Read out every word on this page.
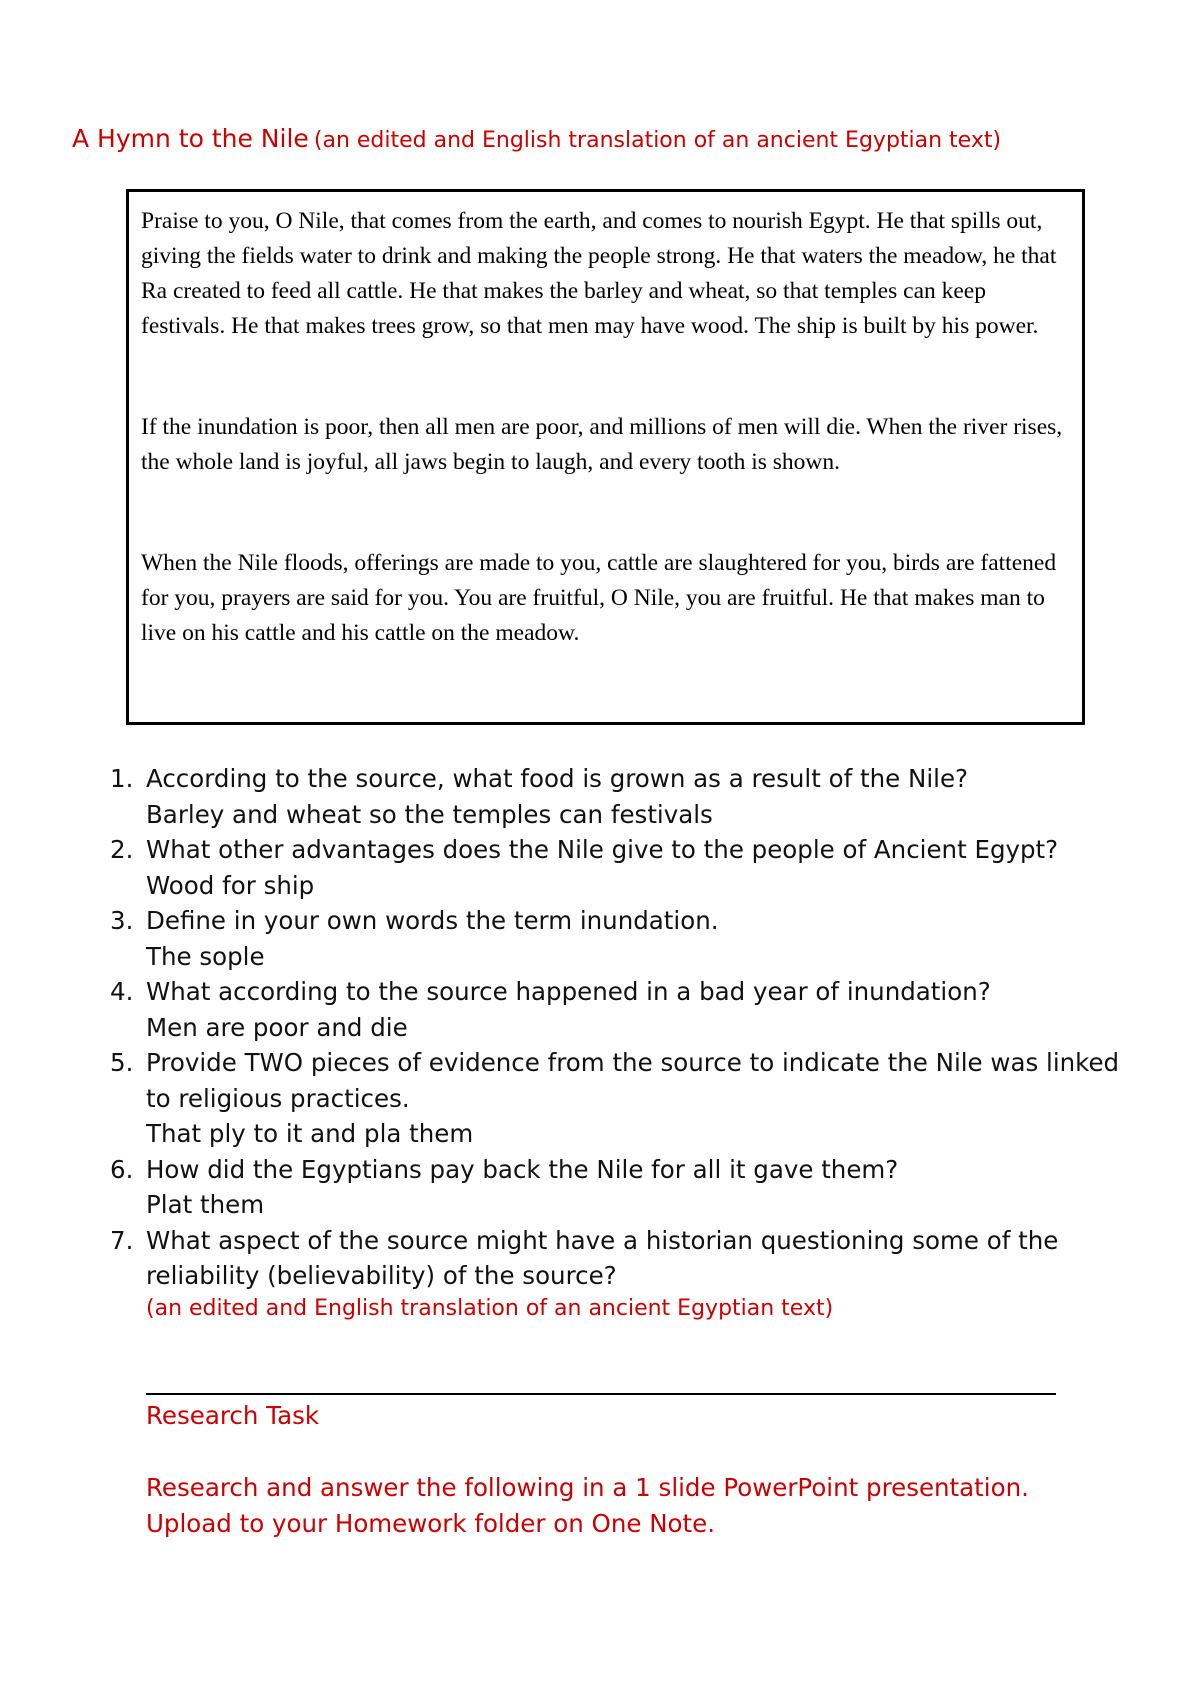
A Hymn to the Nile (an edited and English translation of an ancient Egyptian text)

Praise to you, O Nile, that comes from the earth, and comes to nourish Egypt. He that spills out, giving the fields water to drink and making the people strong. He that waters the meadow, he that Ra created to feed all cattle. He that makes the barley and wheat, so that temples can keep festivals. He that makes trees grow, so that men may have wood. The ship is built by his power.

If the inundation is poor, then all men are poor, and millions of men will die. When the river rises, the whole land is joyful, all jaws begin to laugh, and every tooth is shown.

When the Nile floods, offerings are made to you, cattle are slaughtered for you, birds are fattened for you, prayers are said for you. You are fruitful, O Nile, you are fruitful. He that makes man to live on his cattle and his cattle on the meadow.

1. According to the source, what food is grown as a result of the Nile?
Barley and wheat so the temples can festivals
2. What other advantages does the Nile give to the people of Ancient Egypt?
Wood for ship
3. Define in your own words the term inundation.
The sople
4. What according to the source happened in a bad year of inundation?
Men are poor and die
5. Provide TWO pieces of evidence from the source to indicate the Nile was linked to religious practices.
That ply to it and pla them
6. How did the Egyptians pay back the Nile for all it gave them?
Plat them
7. What aspect of the source might have a historian questioning some of the reliability (believability) of the source?
(an edited and English translation of an ancient Egyptian text)
Research Task
Research and answer the following in a 1 slide PowerPoint presentation.
Upload to your Homework folder on One Note.
